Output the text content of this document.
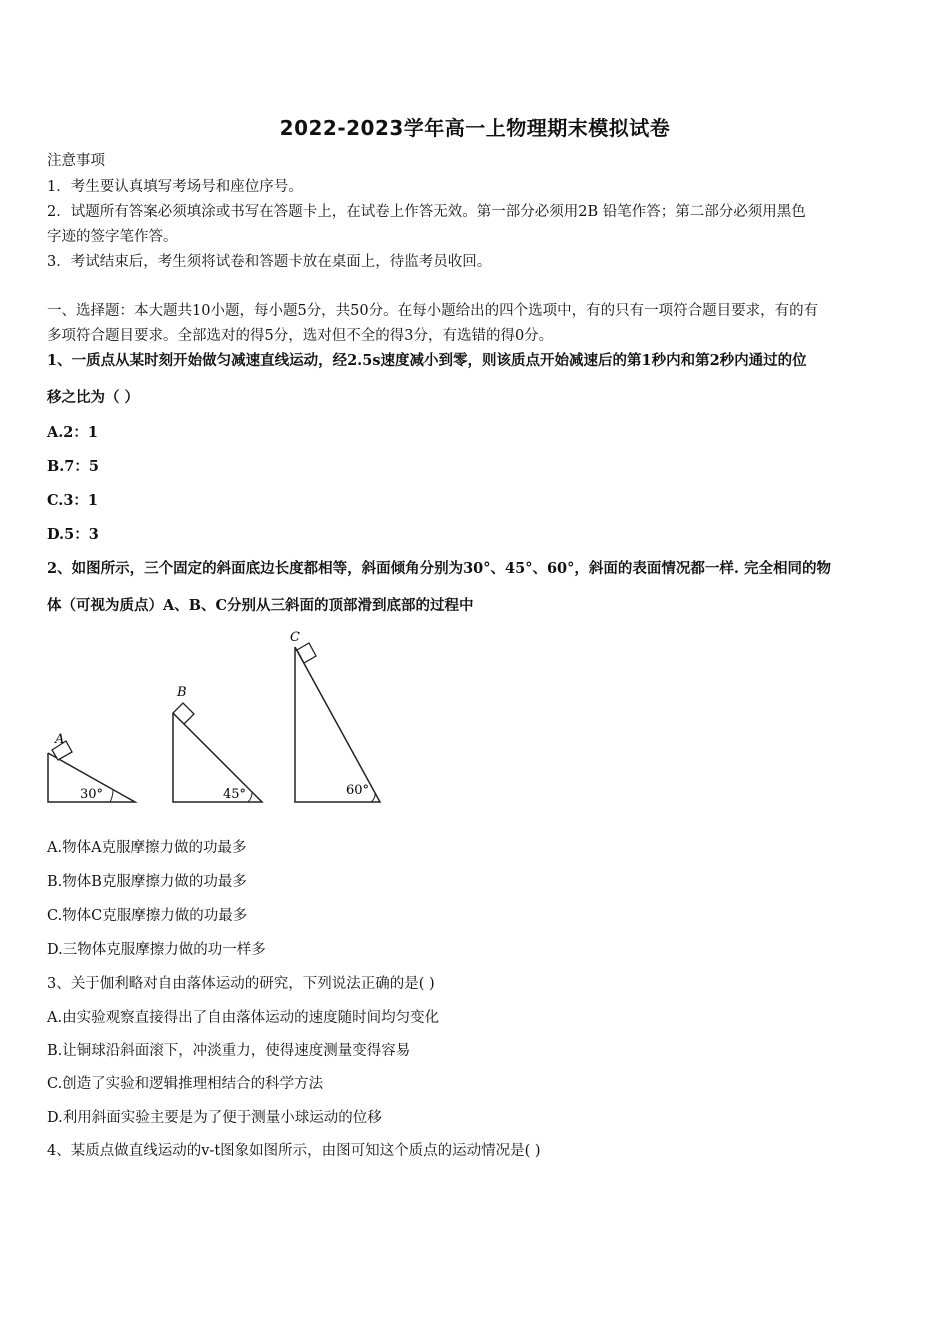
2022-2023学年高一上物理期末模拟试卷
注意事项
1．考生要认真填写考场号和座位序号。
2．试题所有答案必须填涂或书写在答题卡上，在试卷上作答无效。第一部分必须用2B 铅笔作答；第二部分必须用黑色
字迹的签字笔作答。
3．考试结束后，考生须将试卷和答题卡放在桌面上，待监考员收回。
一、选择题：本大题共10小题，每小题5分，共50分。在每小题给出的四个选项中，有的只有一项符合题目要求，有的有
多项符合题目要求。全部选对的得5分，选对但不全的得3分，有选错的得0分。
1、一质点从某时刻开始做匀减速直线运动，经2.5s速度减小到零，则该质点开始减速后的第1秒内和第2秒内通过的位
移之比为（ ）
A.2：1
B.7：5
C.3：1
D.5：3
2、如图所示，三个固定的斜面底边长度都相等，斜面倾角分别为30°、45°、60°，斜面的表面情况都一样. 完全相同的物
体（可视为质点）A、B、C分别从三斜面的顶部滑到底部的过程中
A
30°
B
45°
C
60°
A.物体A克服摩擦力做的功最多
B.物体B克服摩擦力做的功最多
C.物体C克服摩擦力做的功最多
D.三物体克服摩擦力做的功一样多
3、关于伽利略对自由落体运动的研究，下列说法正确的是( )
A.由实验观察直接得出了自由落体运动的速度随时间均匀变化
B.让铜球沿斜面滚下，冲淡重力，使得速度测量变得容易
C.创造了实验和逻辑推理相结合的科学方法
D.利用斜面实验主要是为了便于测量小球运动的位移
4、某质点做直线运动的v-t图象如图所示，由图可知这个质点的运动情况是( )
